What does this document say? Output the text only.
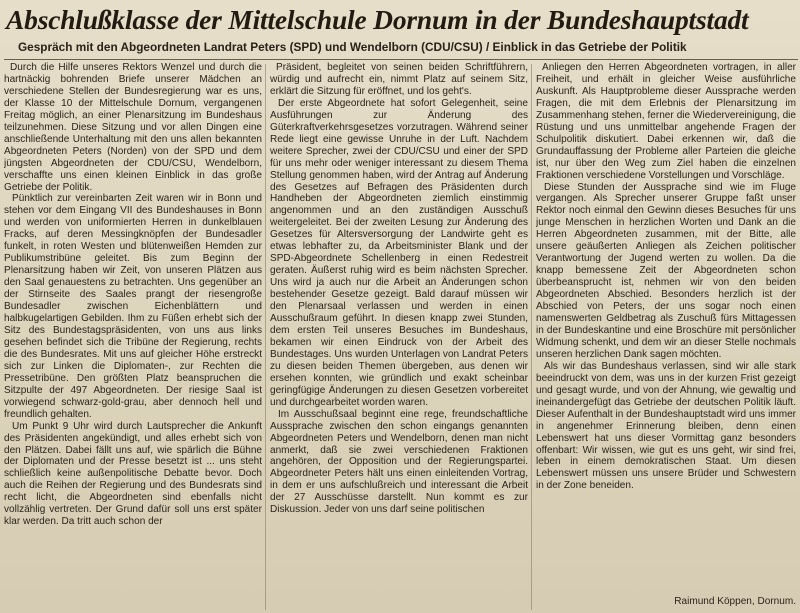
Abschlußklasse der Mittelschule Dornum in der Bundeshauptstadt
Gespräch mit den Abgeordneten Landrat Peters (SPD) und Wendelborn (CDU/CSU) / Einblick in das Getriebe der Politik

Durch die Hilfe unseres Rektors Wenzel und durch die hartnäckig bohrenden Briefe unserer Mädchen an verschiedene Stellen der Bundesregierung war es uns, der Klasse 10 der Mittelschule Dornum, vergangenen Freitag möglich, an einer Plenarsitzung im Bundeshaus teilzunehmen. Diese Sitzung und vor allen Dingen eine anschließende Unterhaltung mit den uns allen bekannten Abgeordneten Peters (Norden) von der SPD und dem jüngsten Abgeordneten der CDU/CSU, Wendelborn, verschaffte uns einen kleinen Einblick in das große Getriebe der Politik.

Pünktlich zur vereinbarten Zeit waren wir in Bonn und stehen vor dem Eingang VII des Bundeshauses in Bonn und werden von uniformierten Herren in dunkelblauen Fracks, auf deren Messingknöpfen der Bundesadler funkelt, in roten Westen und blütenweißen Hemden zur Publikumstribüne geleitet. Bis zum Beginn der Plenarsitzung haben wir Zeit, von unseren Plätzen aus den Saal genauestens zu betrachten. Uns gegenüber an der Stirnseite des Saales prangt der riesengroße Bundesadler zwischen Eichenblättern und halbkugelartigen Gebilden. Ihm zu Füßen erhebt sich der Sitz des Bundestagspräsidenten, von uns aus links gesehen befindet sich die Tribüne der Regierung, rechts die des Bundesrates. Mit uns auf gleicher Höhe erstreckt sich zur Linken die Diplomaten-, zur Rechten die Pressetribüne. Den größten Platz beanspruchen die Sitzpulte der 497 Abgeordneten. Der riesige Saal ist vorwiegend schwarz-gold-grau, aber dennoch hell und freundlich gehalten.

Um Punkt 9 Uhr wird durch Lautsprecher die Ankunft des Präsidenten angekündigt, und alles erhebt sich von den Plätzen. Dabei fällt uns auf, wie spärlich die Bühne der Diplomaten und der Presse besetzt ist ... uns steht schließlich keine außenpolitische Debatte bevor. Doch auch die Reihen der Regierung und des Bundesrats sind recht licht, die Abgeordneten sind ebenfalls nicht vollzählig vertreten. Der Grund dafür soll uns erst später klar werden. Da tritt auch schon der

Präsident, begleitet von seinen beiden Schriftführern, würdig und aufrecht ein, nimmt Platz auf seinem Sitz, erklärt die Sitzung für eröffnet, und los geht's.

Der erste Abgeordnete hat sofort Gelegenheit, seine Ausführungen zur Änderung des Güterkraftverkehrsgesetzes vorzutragen. Während seiner Rede liegt eine gewisse Unruhe in der Luft. Nachdem weitere Sprecher, zwei der CDU/CSU und einer der SPD für uns mehr oder weniger interessant zu diesem Thema Stellung genommen haben, wird der Antrag auf Änderung des Gesetzes auf Befragen des Präsidenten durch Handheben der Abgeordneten ziemlich einstimmig angenommen und an den zuständigen Ausschuß weitergeleitet. Bei der zweiten Lesung zur Änderung des Gesetzes für Altersversorgung der Landwirte geht es etwas lebhafter zu, da Arbeitsminister Blank und der SPD-Abgeordnete Schellenberg in einen Redestreit geraten. Äußerst ruhig wird es beim nächsten Sprecher. Uns wird ja auch nur die Arbeit an Änderungen schon bestehender Gesetze gezeigt. Bald darauf müssen wir den Plenarsaal verlassen und werden in einen Ausschußraum geführt. In diesen knapp zwei Stunden, dem ersten Teil unseres Besuches im Bundeshaus, bekamen wir einen Eindruck von der Arbeit des Bundestages. Uns wurden Unterlagen von Landrat Peters zu diesen beiden Themen übergeben, aus denen wir ersehen konnten, wie gründlich und exakt scheinbar geringfügige Änderungen zu diesen Gesetzen vorbereitet und durchgearbeitet worden waren.

Im Ausschußsaal beginnt eine rege, freundschaftliche Aussprache zwischen den schon eingangs genannten Abgeordneten Peters und Wendelborn, denen man nicht anmerkt, daß sie zwei verschiedenen Fraktionen angehören, der Opposition und der Regierungspartei. Abgeordneter Peters hält uns einen einleitenden Vortrag, in dem er uns aufschlußreich und interessant die Arbeit der 27 Ausschüsse darstellt. Nun kommt es zur Diskussion. Jeder von uns darf seine politischen

Anliegen den Herren Abgeordneten vortragen, in aller Freiheit, und erhält in gleicher Weise ausführliche Auskunft. Als Hauptprobleme dieser Aussprache werden Fragen, die mit dem Erlebnis der Plenarsitzung im Zusammenhang stehen, ferner die Wiedervereinigung, die Rüstung und uns unmittelbar angehende Fragen der Schulpolitik diskutiert. Dabei erkennen wir, daß die Grundauffassung der Probleme aller Parteien die gleiche ist, nur über den Weg zum Ziel haben die einzelnen Fraktionen verschiedene Vorstellungen und Vorschläge.

Diese Stunden der Aussprache sind wie im Fluge vergangen. Als Sprecher unserer Gruppe faßt unser Rektor noch einmal den Gewinn dieses Besuches für uns junge Menschen in herzlichen Worten und Dank an die Herren Abgeordneten zusammen, mit der Bitte, alle unsere geäußerten Anliegen als Zeichen politischer Verantwortung der Jugend werten zu wollen. Da die knapp bemessene Zeit der Abgeordneten schon überbeansprucht ist, nehmen wir von den beiden Abgeordneten Abschied. Besonders herzlich ist der Abschied von Peters, der uns sogar noch einen namenswerten Geldbetrag als Zuschuß fürs Mittagessen in der Bundeskantine und eine Broschüre mit persönlicher Widmung schenkt, und dem wir an dieser Stelle nochmals unseren herzlichen Dank sagen möchten.

Als wir das Bundeshaus verlassen, sind wir alle stark beeindruckt von dem, was uns in der kurzen Frist gezeigt und gesagt wurde, und von der Ahnung, wie gewaltig und ineinandergefügt das Getriebe der deutschen Politik läuft. Dieser Aufenthalt in der Bundeshauptstadt wird uns immer in angenehmer Erinnerung bleiben, denn einen Lebenswert hat uns dieser Vormittag ganz besonders offenbart: Wir wissen, wie gut es uns geht, wir sind frei, leben in einem demokratischen Staat. Um diesen Lebenswert müssen uns unsere Brüder und Schwestern in der Zone beneiden.

Raimund Köppen, Dornum.
